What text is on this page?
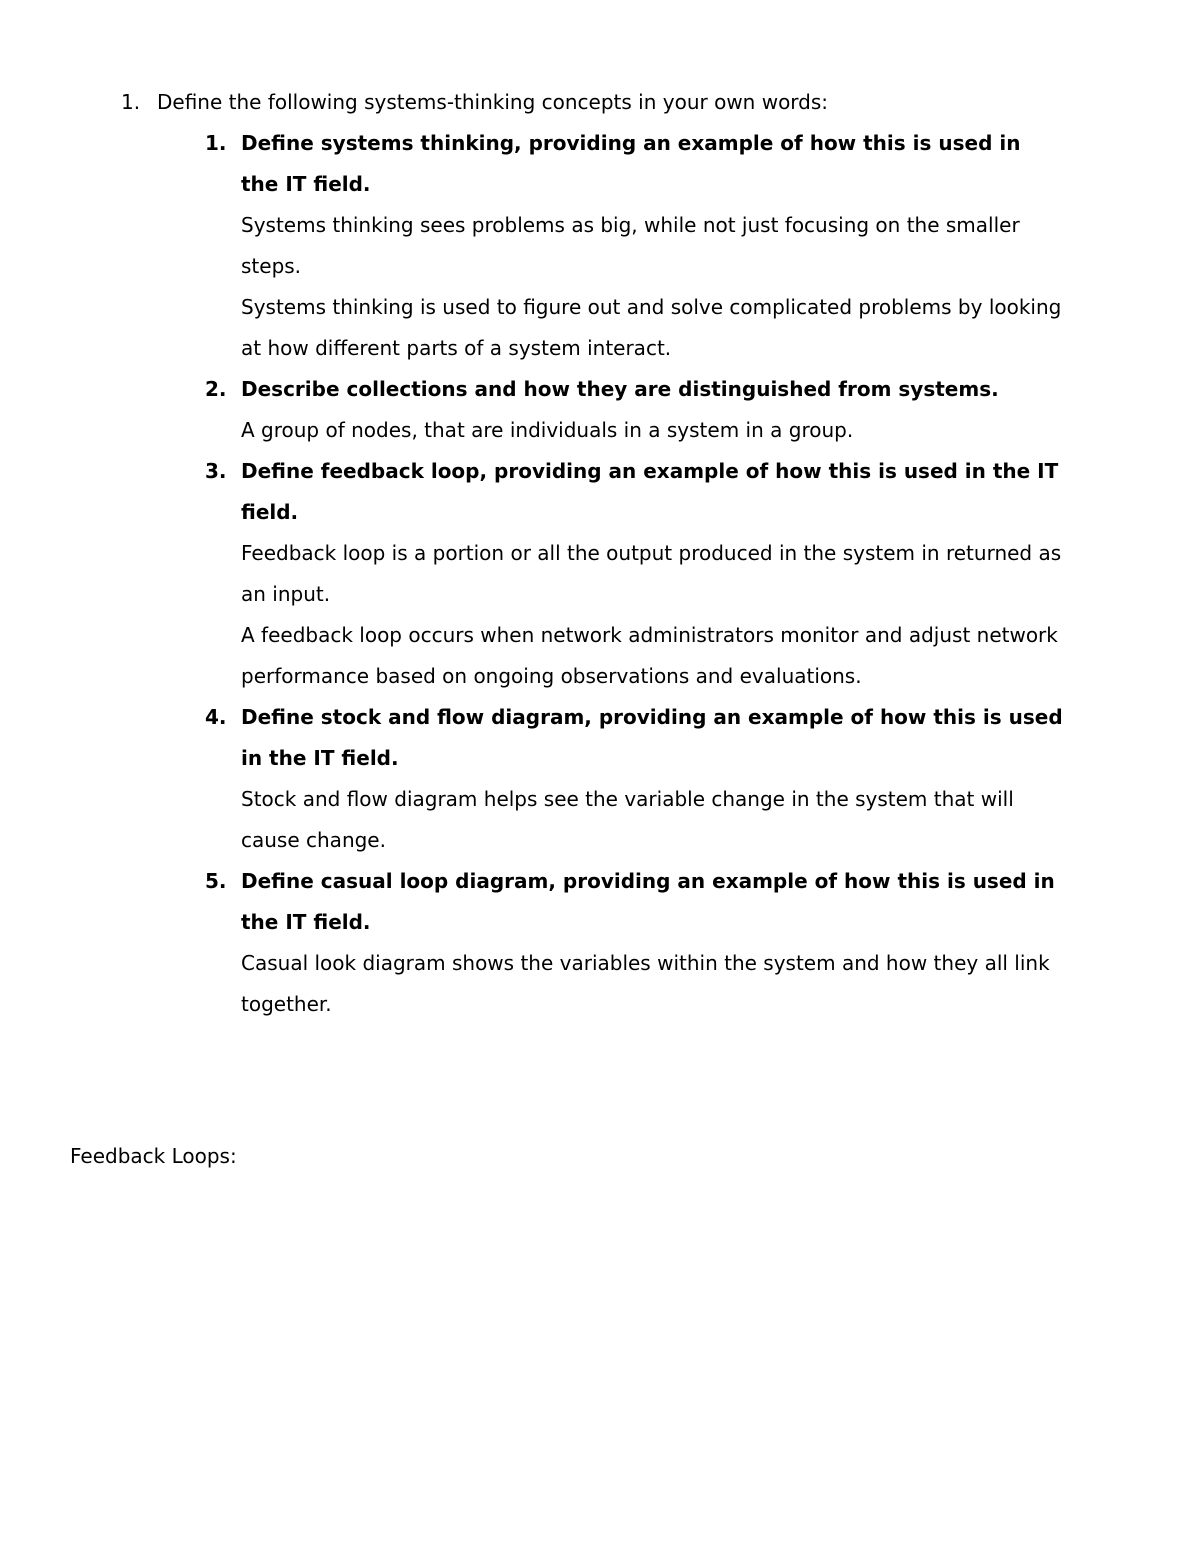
1. Define the following systems-thinking concepts in your own words:
1. Define systems thinking, providing an example of how this is used in
the IT field.
Systems thinking sees problems as big, while not just focusing on the smaller
steps.
Systems thinking is used to figure out and solve complicated problems by looking
at how different parts of a system interact.
2. Describe collections and how they are distinguished from systems.
A group of nodes, that are individuals in a system in a group.
3. Define feedback loop, providing an example of how this is used in the IT
field.
Feedback loop is a portion or all the output produced in the system in returned as
an input.
A feedback loop occurs when network administrators monitor and adjust network
performance based on ongoing observations and evaluations.
4. Define stock and flow diagram, providing an example of how this is used
in the IT field.
Stock and flow diagram helps see the variable change in the system that will
cause change.
5. Define casual loop diagram, providing an example of how this is used in
the IT field.
Casual look diagram shows the variables within the system and how they all link
together.
Feedback Loops:
